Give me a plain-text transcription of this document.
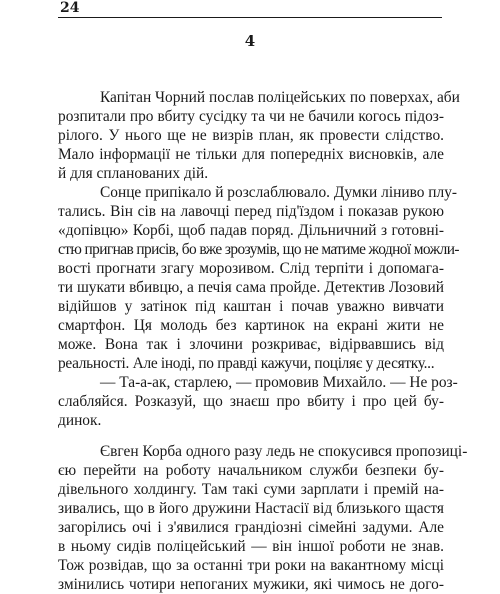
24
4
Капітан Чорний послав поліцейських по поверхах, аби
розпитали про вбиту сусідку та чи не бачили когось підоз-
рілого. У нього ще не визрів план, як провести слідство.
Мало інформації не тільки для попередніх висновків, але
й для спланованих дій.
Сонце припікало й розслаблювало. Думки ліниво плу-
тались. Він сів на лавочці перед під'їздом і показав рукою
«допівцю» Корбі, щоб падав поряд. Дільничний з готовні-
стю пригнав присів, бо вже зрозумів, що не матиме жодної можли-
вості прогнати згагу морозивом. Слід терпіти і допомага-
ти шукати вбивцю, а печія сама пройде. Детектив Лозовий
відійшов у затінок під каштан і почав уважно вивчати
смартфон. Ця молодь без картинок на екрані жити не
може. Вона так і злочини розкриває, відірвавшись від
реальності. Але іноді, по правді кажучи, поціляє у десятку...
— Та-а-ак, старлею, — промовив Михайло. — Не роз-
слабляйся. Розказуй, що знаєш про вбиту і про цей бу-
динок.
Євген Корба одного разу ледь не спокусився пропозиці-
єю перейти на роботу начальником служби безпеки бу-
дівельного холдингу. Там такі суми зарплати і премій на-
зивались, що в його дружини Настасії від близького щастя
загорілись очі і з'явилися грандіозні сімейні задуми. Але
в ньому сидів поліцейський — він іншої роботи не знав.
Тож розвідав, що за останні три роки на вакантному місці
змінились чотири непоганих мужики, які чимось не дого-
